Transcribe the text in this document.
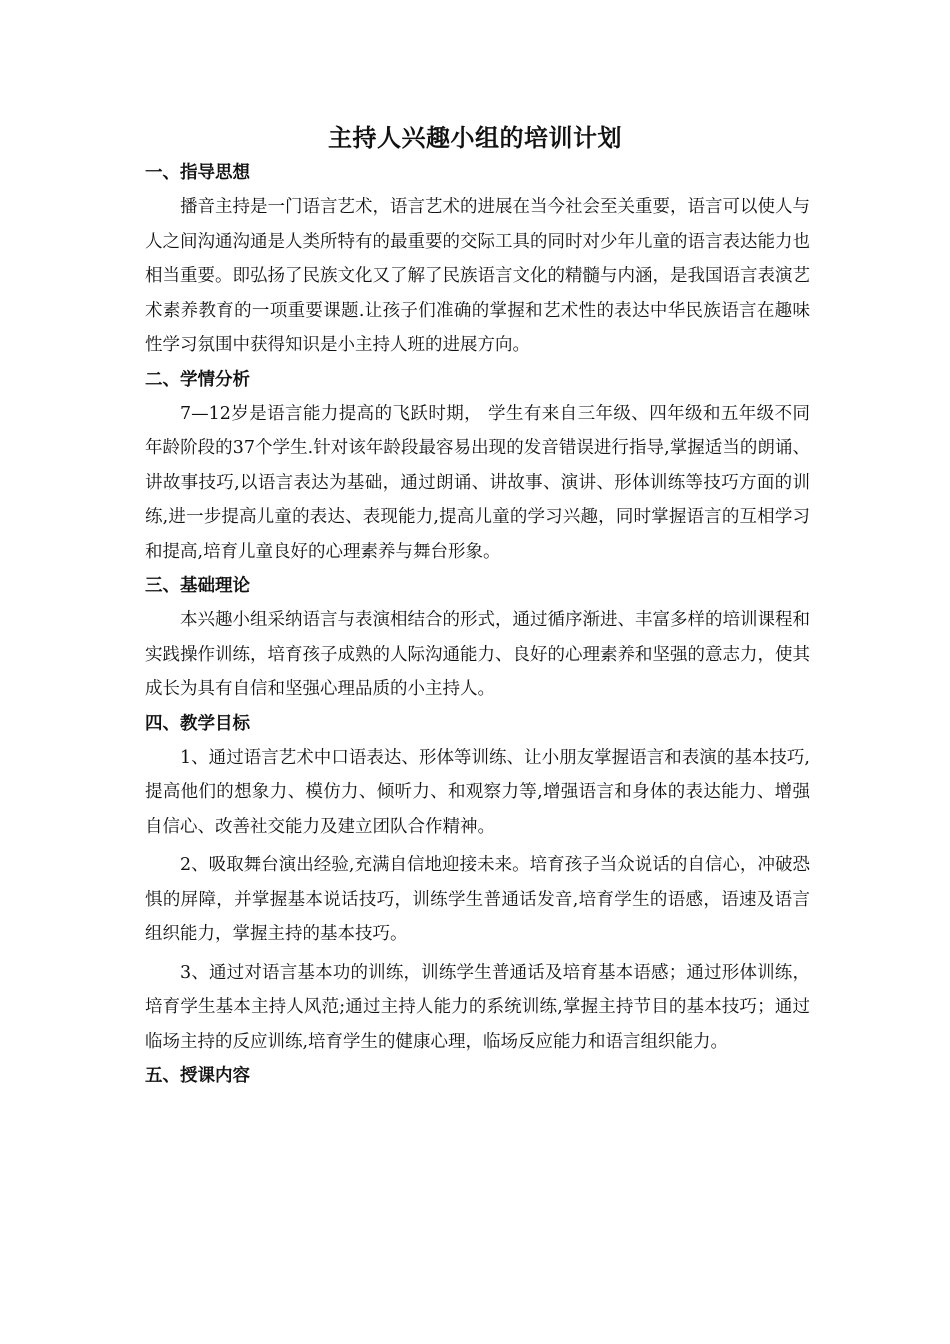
主持人兴趣小组的培训计划
一、指导思想

播音主持是一门语言艺术，语言艺术的进展在当今社会至关重要，语言可以使人与人之间沟通沟通是人类所特有的最重要的交际工具的同时对少年儿童的语言表达能力也相当重要。即弘扬了民族文化又了解了民族语言文化的精髓与内涵，是我国语言表演艺术素养教育的一项重要课题.让孩子们准确的掌握和艺术性的表达中华民族语言在趣味性学习氛围中获得知识是小主持人班的进展方向。

二、学情分析

7—12岁是语言能力提高的飞跃时期， 学生有来自三年级、四年级和五年级不同年龄阶段的37个学生.针对该年龄段最容易出现的发音错误进行指导,掌握适当的朗诵、讲故事技巧,以语言表达为基础，通过朗诵、讲故事、演讲、形体训练等技巧方面的训练,进一步提高儿童的表达、表现能力,提高儿童的学习兴趣，同时掌握语言的互相学习和提高,培育儿童良好的心理素养与舞台形象。

三、基础理论

本兴趣小组采纳语言与表演相结合的形式，通过循序渐进、丰富多样的培训课程和实践操作训练，培育孩子成熟的人际沟通能力、良好的心理素养和坚强的意志力，使其成长为具有自信和坚强心理品质的小主持人。

四、教学目标

1、通过语言艺术中口语表达、形体等训练、让小朋友掌握语言和表演的基本技巧,提高他们的想象力、模仿力、倾听力、和观察力等,增强语言和身体的表达能力、增强自信心、改善社交能力及建立团队合作精神。

2、吸取舞台演出经验,充满自信地迎接未来。培育孩子当众说话的自信心，冲破恐惧的屏障，并掌握基本说话技巧，训练学生普通话发音,培育学生的语感，语速及语言组织能力，掌握主持的基本技巧。

3、通过对语言基本功的训练，训练学生普通话及培育基本语感；通过形体训练，培育学生基本主持人风范;通过主持人能力的系统训练,掌握主持节目的基本技巧；通过临场主持的反应训练,培育学生的健康心理，临场反应能力和语言组织能力。

五、授课内容
